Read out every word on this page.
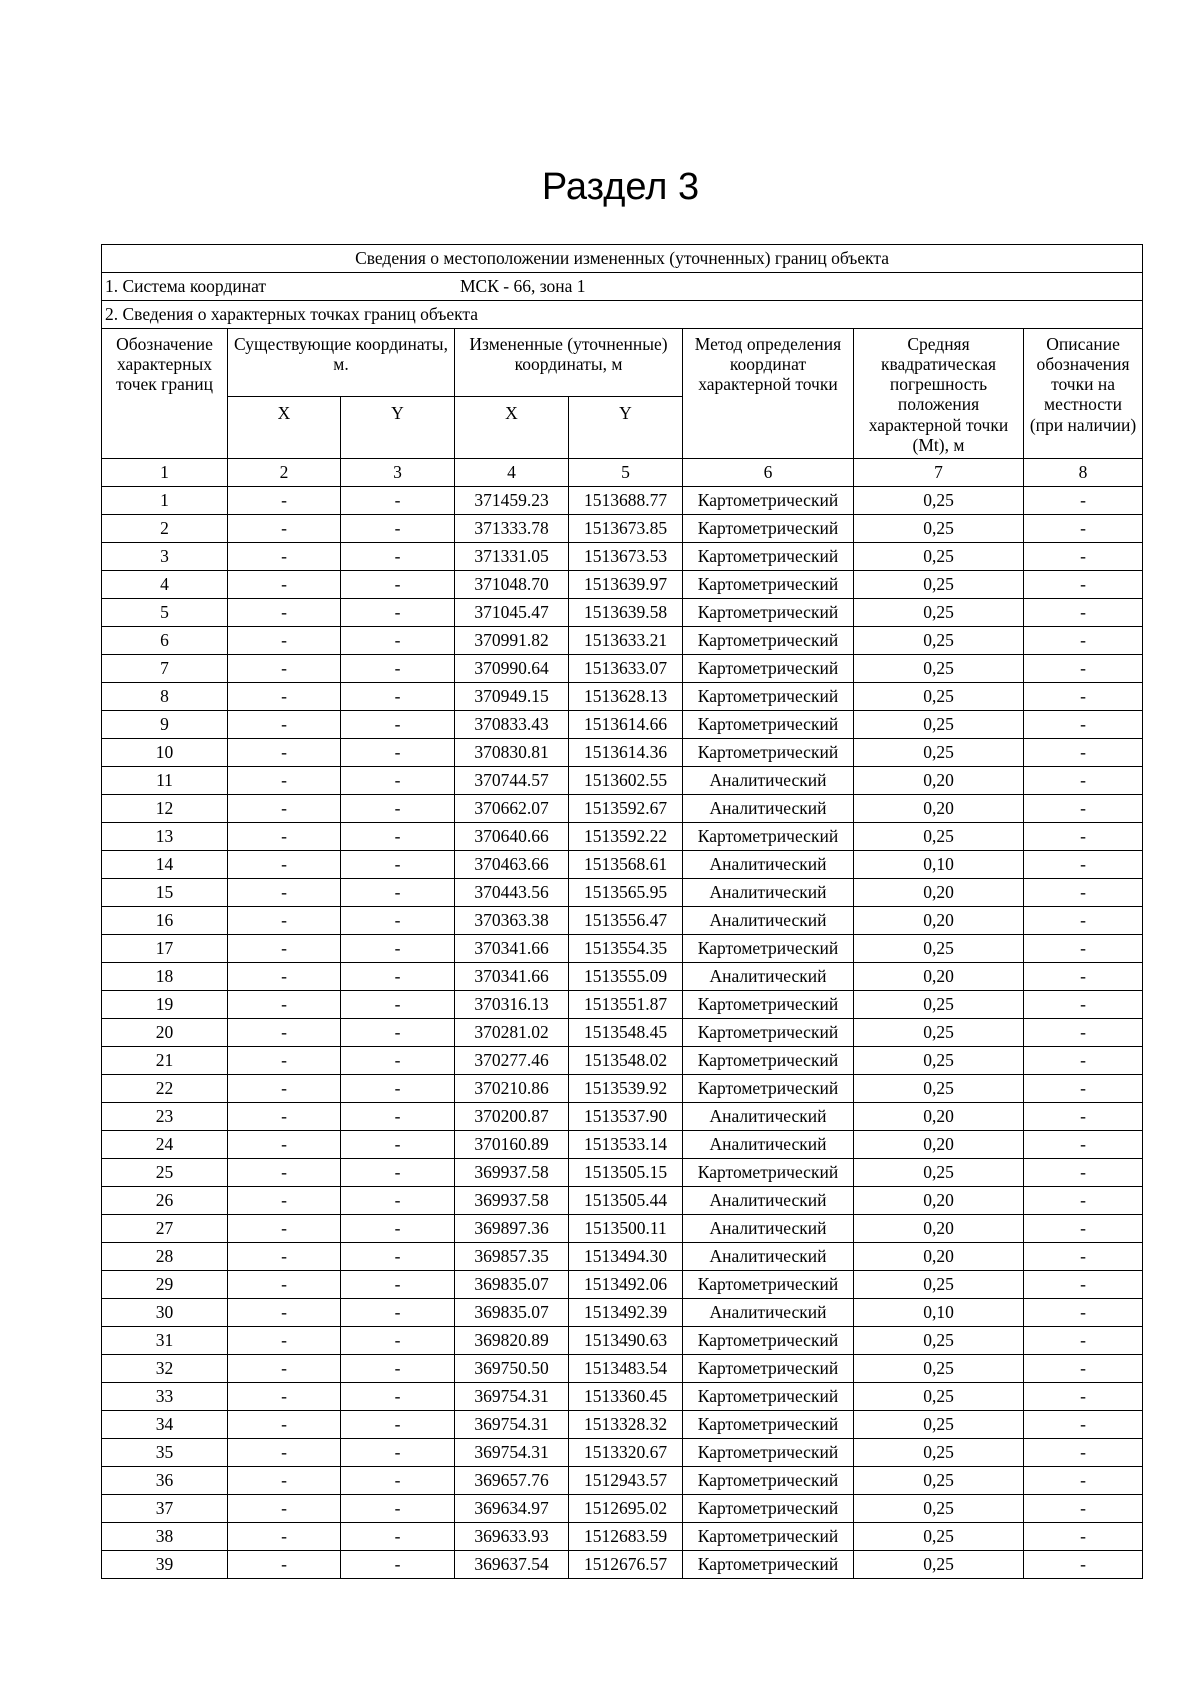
Раздел 3
Сведения о местоположении измененных (уточненных) границ объекта							
1. Система координат МСК - 66, зона 1							

2. Сведения о характерных точках границ объекта							
Обозначение характерных точек границ	Существующие координаты, м.		Измененные (уточненные) координаты, м		Метод определения координат характерной точки	Средняя квадратическая погрешность положения характерной точки (Mt), м	Описание обозначения точки на местности (при наличии)
	X	Y	X	Y			
1	2	3	4	5	6	7	8
1	-	-	371459.23	1513688.77	Картометрический	0,25	-
2	-	-	371333.78	1513673.85	Картометрический	0,25	-
3	-	-	371331.05	1513673.53	Картометрический	0,25	-
4	-	-	371048.70	1513639.97	Картометрический	0,25	-
5	-	-	371045.47	1513639.58	Картометрический	0,25	-
6	-	-	370991.82	1513633.21	Картометрический	0,25	-
7	-	-	370990.64	1513633.07	Картометрический	0,25	-
8	-	-	370949.15	1513628.13	Картометрический	0,25	-
9	-	-	370833.43	1513614.66	Картометрический	0,25	-
10	-	-	370830.81	1513614.36	Картометрический	0,25	-
11	-	-	370744.57	1513602.55	Аналитический	0,20	-
12	-	-	370662.07	1513592.67	Аналитический	0,20	-
13	-	-	370640.66	1513592.22	Картометрический	0,25	-
14	-	-	370463.66	1513568.61	Аналитический	0,10	-
15	-	-	370443.56	1513565.95	Аналитический	0,20	-
16	-	-	370363.38	1513556.47	Аналитический	0,20	-
17	-	-	370341.66	1513554.35	Картометрический	0,25	-
18	-	-	370341.66	1513555.09	Аналитический	0,20	-
19	-	-	370316.13	1513551.87	Картометрический	0,25	-
20	-	-	370281.02	1513548.45	Картометрический	0,25	-
21	-	-	370277.46	1513548.02	Картометрический	0,25	-
22	-	-	370210.86	1513539.92	Картометрический	0,25	-
23	-	-	370200.87	1513537.90	Аналитический	0,20	-
24	-	-	370160.89	1513533.14	Аналитический	0,20	-
25	-	-	369937.58	1513505.15	Картометрический	0,25	-
26	-	-	369937.58	1513505.44	Аналитический	0,20	-
27	-	-	369897.36	1513500.11	Аналитический	0,20	-
28	-	-	369857.35	1513494.30	Аналитический	0,20	-
29	-	-	369835.07	1513492.06	Картометрический	0,25	-
30	-	-	369835.07	1513492.39	Аналитический	0,10	-
31	-	-	369820.89	1513490.63	Картометрический	0,25	-
32	-	-	369750.50	1513483.54	Картометрический	0,25	-
33	-	-	369754.31	1513360.45	Картометрический	0,25	-
34	-	-	369754.31	1513328.32	Картометрический	0,25	-
35	-	-	369754.31	1513320.67	Картометрический	0,25	-
36	-	-	369657.76	1512943.57	Картометрический	0,25	-
37	-	-	369634.97	1512695.02	Картометрический	0,25	-
38	-	-	369633.93	1512683.59	Картометрический	0,25	-
39	-	-	369637.54	1512676.57	Картометрический	0,25	-
